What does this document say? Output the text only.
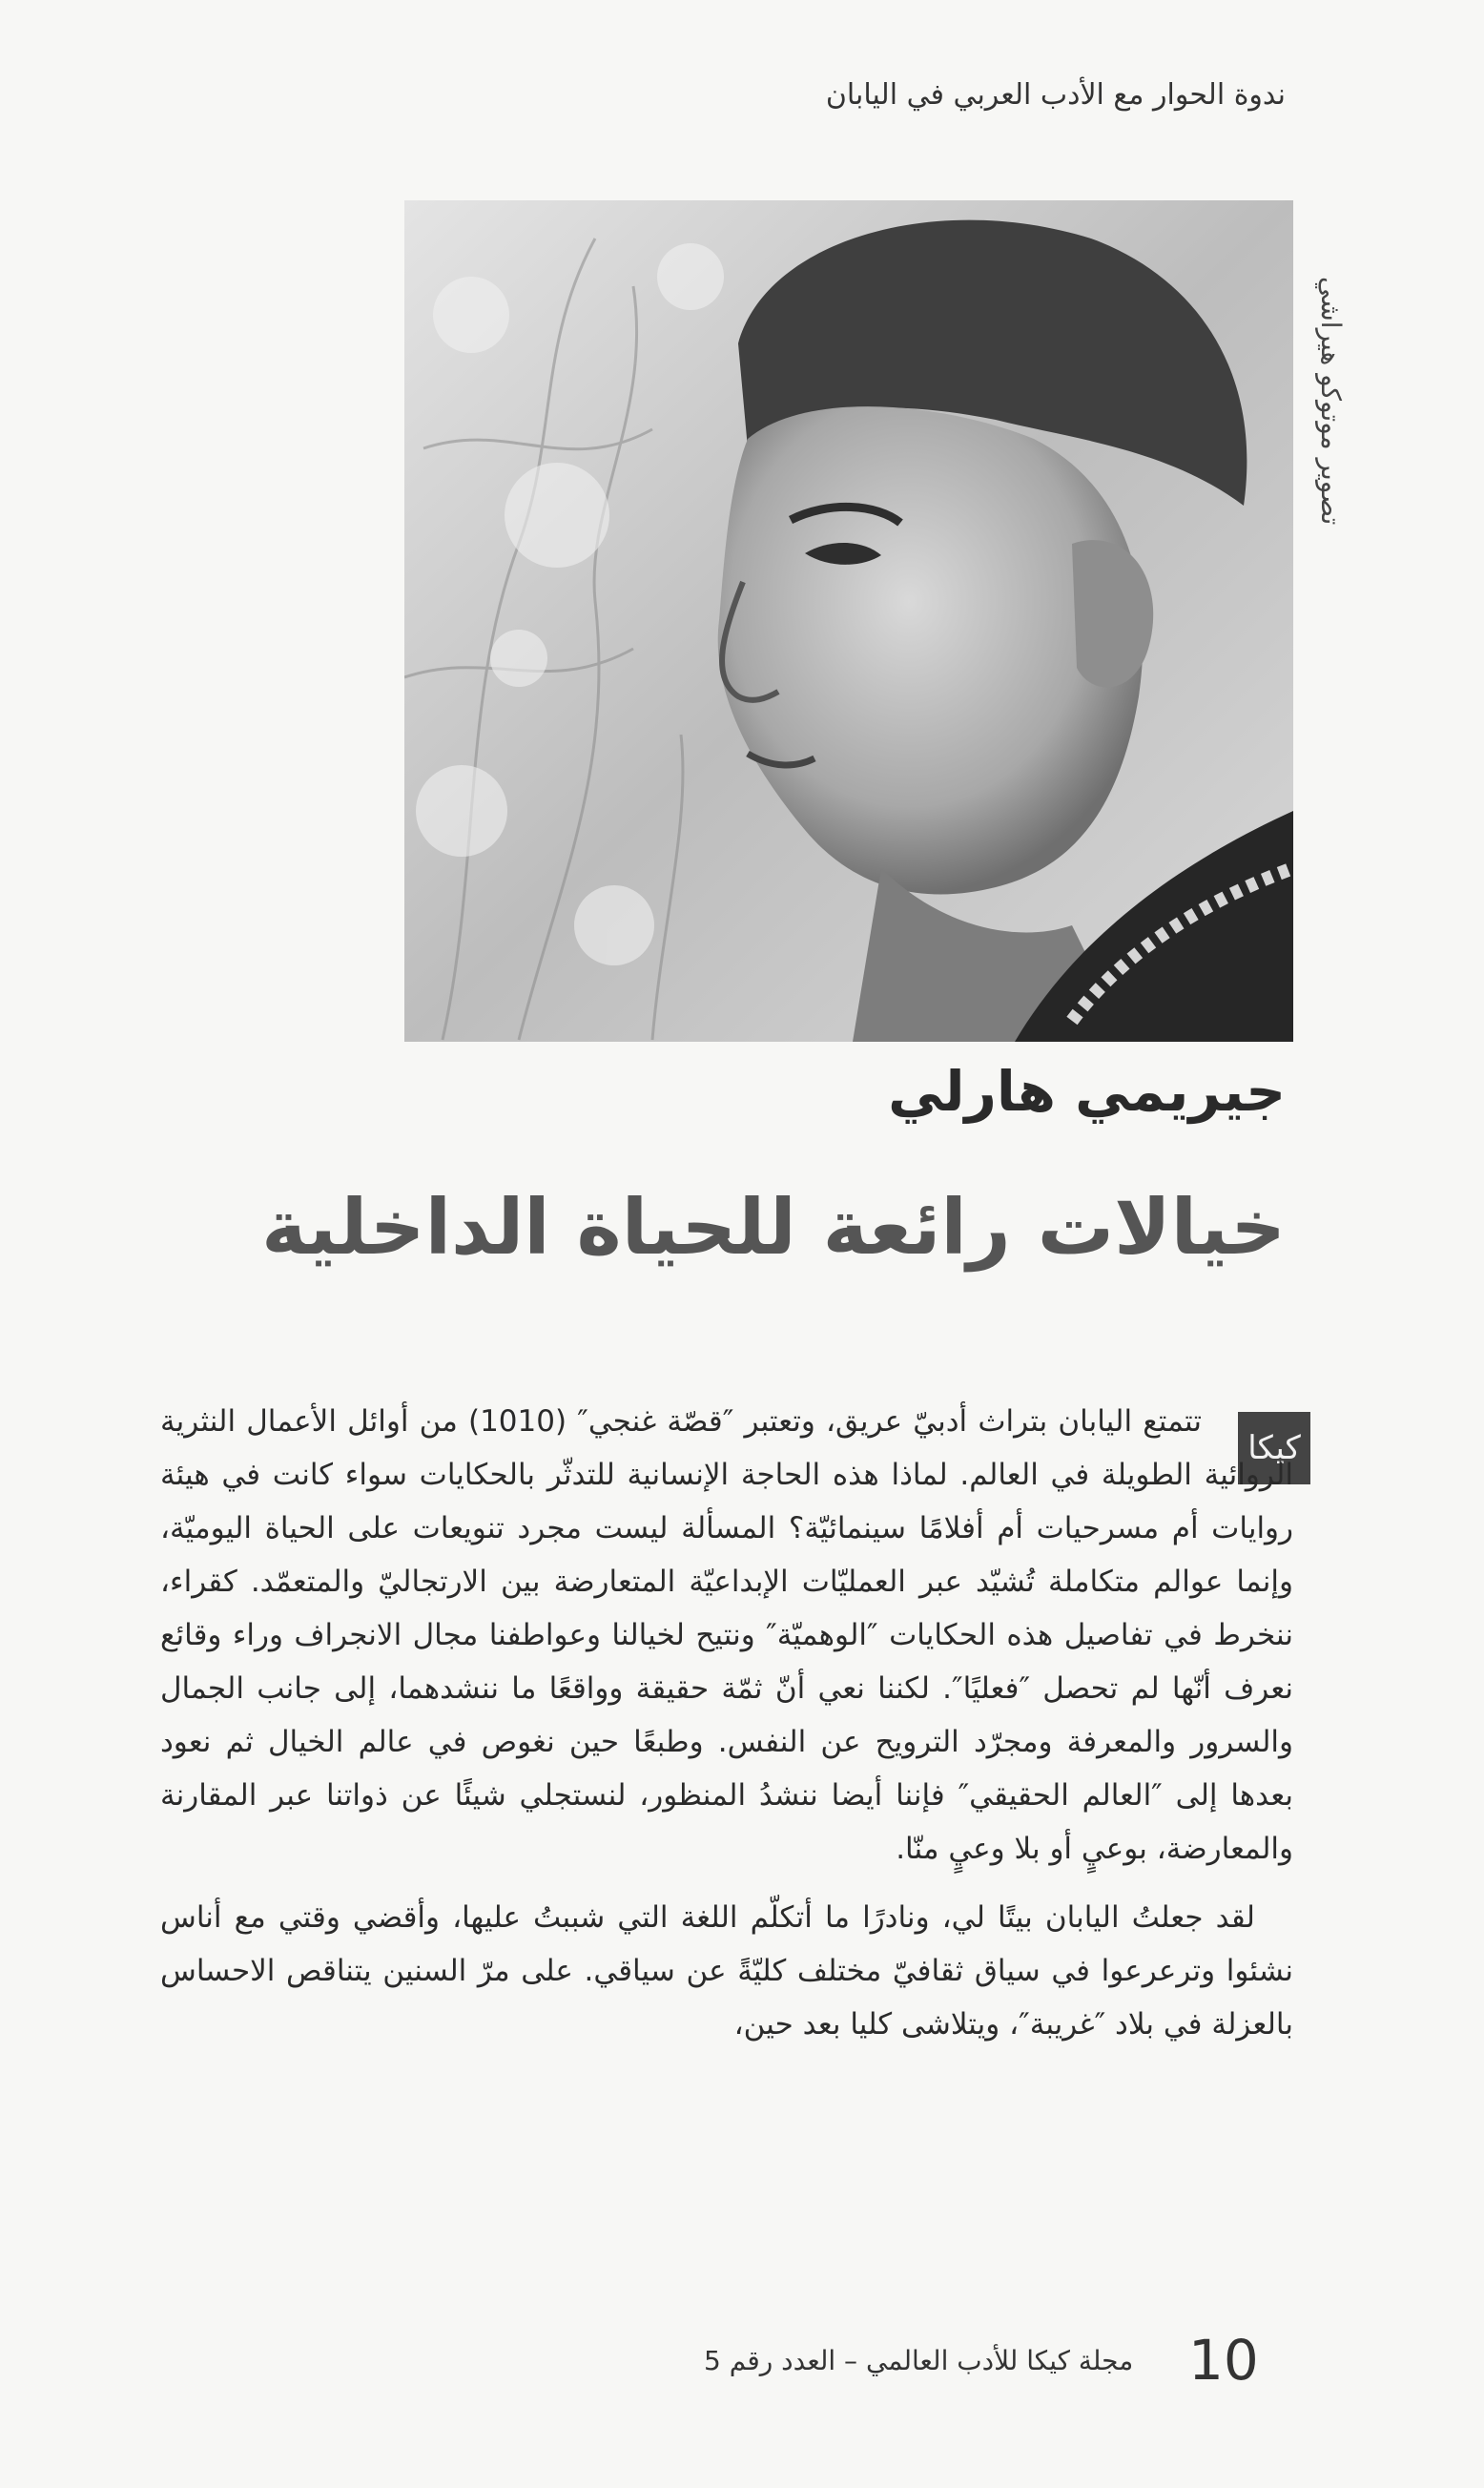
ندوة الحوار مع الأدب العربي في اليابان
تصوير موتوكو هيراشي
جيريمي هارلي
خيالات رائعة للحياة الداخلية
كيكا

تتمتع اليابان بتراث أدبيّ عريق، وتعتبر ″قصّة غنجي″ (1010) من أوائل الأعمال النثرية الروائية الطويلة في العالم. لماذا هذه الحاجة الإنسانية للتدثّر بالحكايات سواء كانت في هيئة روايات أم مسرحيات أم أفلامًا سينمائيّة؟ المسألة ليست مجرد تنويعات على الحياة اليوميّة، وإنما عوالم متكاملة تُشيّد عبر العمليّات الإبداعيّة المتعارضة بين الارتجاليّ والمتعمّد. كقراء، ننخرط في تفاصيل هذه الحكايات ″الوهميّة″ ونتيح لخيالنا وعواطفنا مجال الانجراف وراء وقائع نعرف أنّها لم تحصل ″فعليًا″. لكننا نعي أنّ ثمّة حقيقة وواقعًا ما ننشدهما، إلى جانب الجمال والسرور والمعرفة ومجرّد الترويح عن النفس. وطبعًا حين نغوص في عالم الخيال ثم نعود بعدها إلى ″العالم الحقيقي″ فإننا أيضا ننشدُ المنظور، لنستجلي شيئًا عن ذواتنا عبر المقارنة والمعارضة، بوعيٍ أو بلا وعيٍ منّا.

لقد جعلتُ اليابان بيتًا لي، ونادرًا ما أتكلّم اللغة التي شببتُ عليها، وأقضي وقتي مع أناس نشئوا وترعرعوا في سياق ثقافيّ مختلف كليّةً عن سياقي. على مرّ السنين يتناقص الاحساس بالعزلة في بلاد ″غريبة″، ويتلاشى كليا بعد حين،

10
مجلة كيكا للأدب العالمي – العدد رقم 5
